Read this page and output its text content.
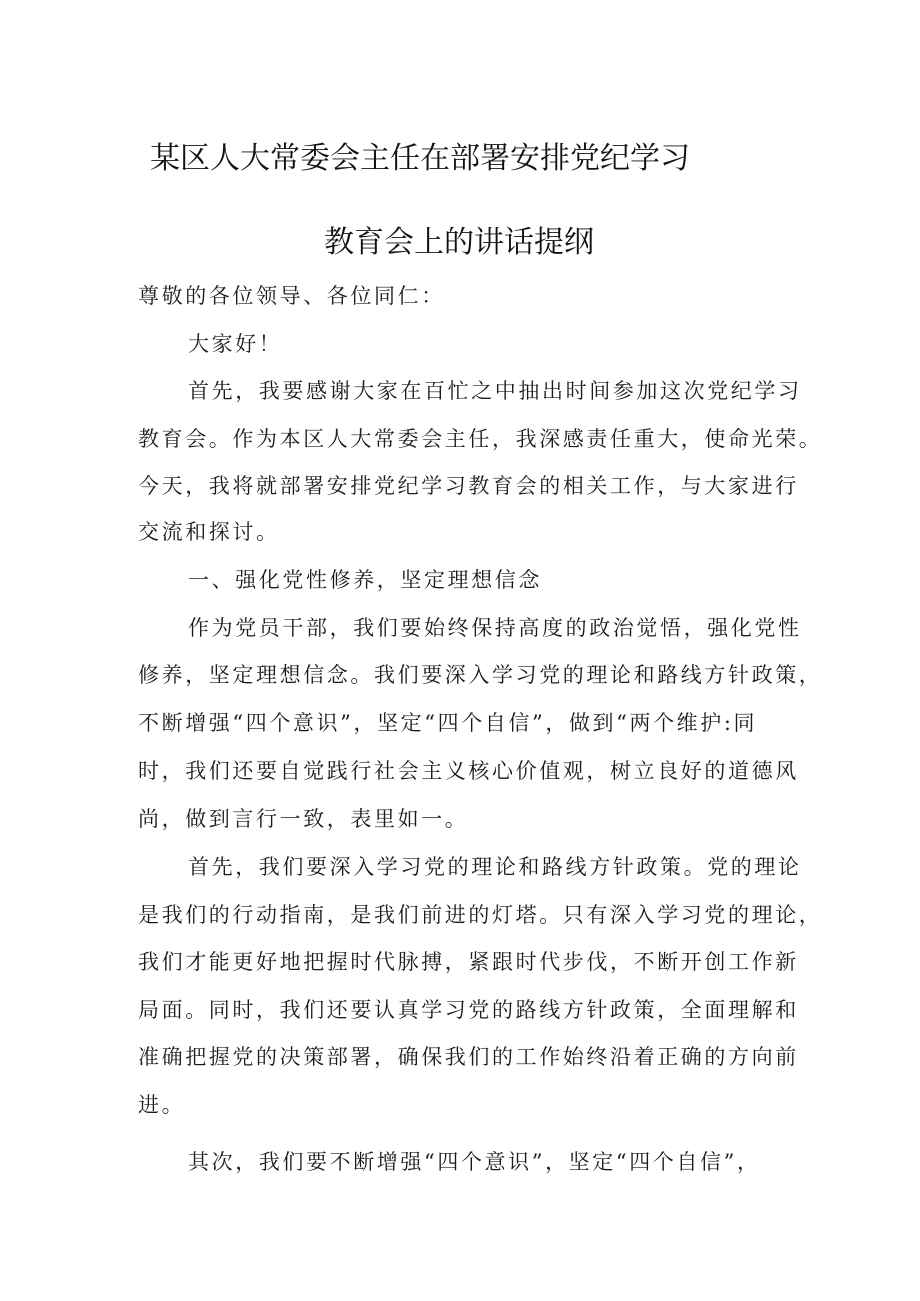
某区人大常委会主任在部署安排党纪学习
教育会上的讲话提纲
尊敬的各位领导、各位同仁：
大家好！
首先，我要感谢大家在百忙之中抽出时间参加这次党纪学习
教育会。作为本区人大常委会主任，我深感责任重大，使命光荣。
今天，我将就部署安排党纪学习教育会的相关工作，与大家进行
交流和探讨。
一、强化党性修养，坚定理想信念
作为党员干部，我们要始终保持高度的政治觉悟，强化党性
修养，坚定理想信念。我们要深入学习党的理论和路线方针政策，
不断增强“四个意识”，坚定“四个自信”，做到“两个维护:同
时，我们还要自觉践行社会主义核心价值观，树立良好的道德风
尚，做到言行一致，表里如一。
首先，我们要深入学习党的理论和路线方针政策。党的理论
是我们的行动指南，是我们前进的灯塔。只有深入学习党的理论，
我们才能更好地把握时代脉搏，紧跟时代步伐，不断开创工作新
局面。同时，我们还要认真学习党的路线方针政策，全面理解和
准确把握党的决策部署，确保我们的工作始终沿着正确的方向前
进。
其次，我们要不断增强“四个意识”，坚定“四个自信”，
